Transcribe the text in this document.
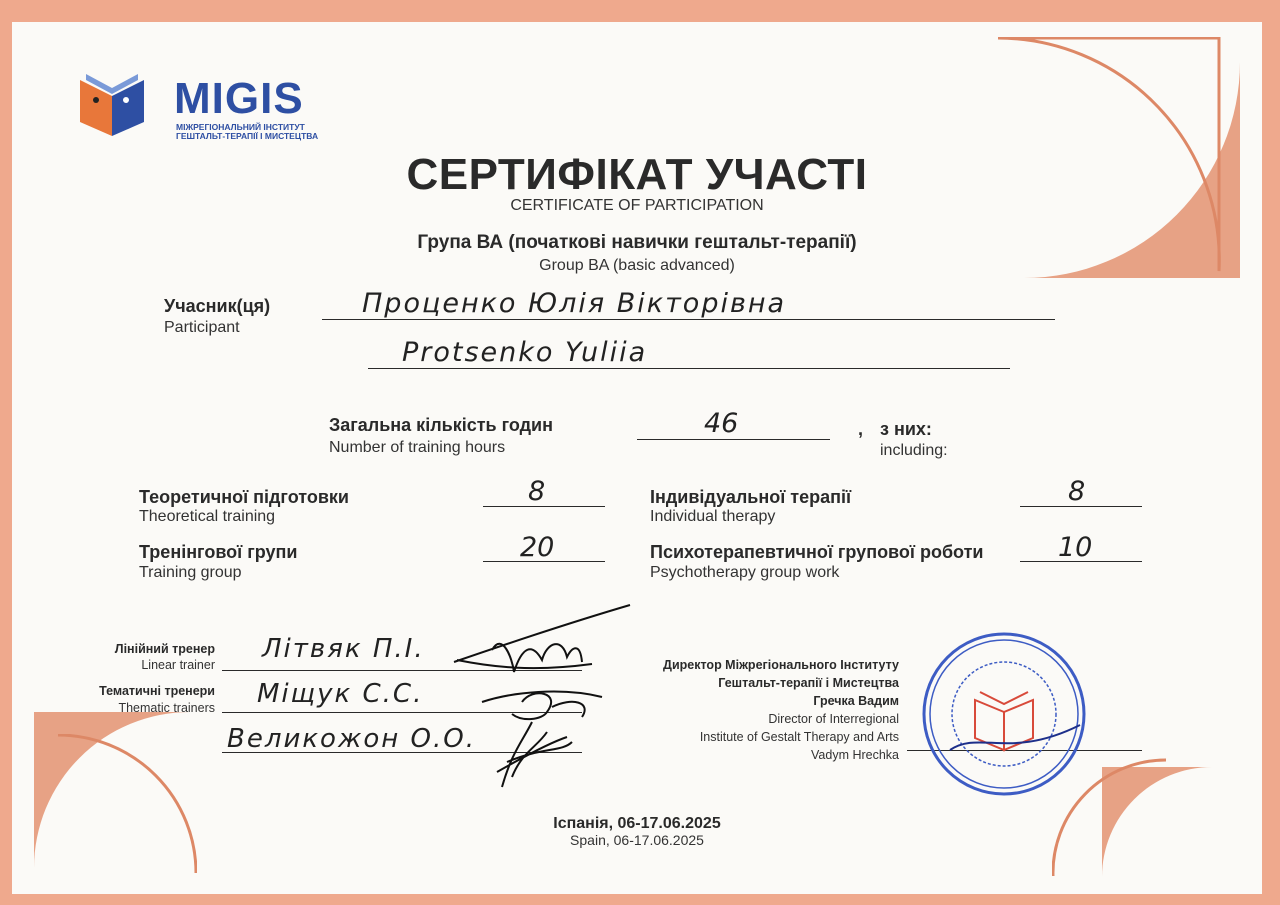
MIGIS
МІЖРЕГІОНАЛЬНИЙ ІНСТИТУТ
ГЕШТАЛЬТ-ТЕРАПІЇ І МИСТЕЦТВА
СЕРТИФІКАТ УЧАСТІ
CERTIFICATE OF PARTICIPATION
Група ВА (початкові навички гештальт-терапії)
Group BA (basic advanced)
Учасник(ця)
Participant
Проценко Юлія Вікторівна
Protsenko Yuliia
Загальна кількість годин
Number of training hours
46	, з них:
including:
Теоретичної підготовки
Theoretical training
8
Тренінгової групи
Training group
20
Індивідуальної терапії
Individual therapy
8
Психотерапевтичної групової роботи
Psychotherapy group work
10
Лінійний тренер
Linear trainer
Літвяк П.І.
Тематичні тренери
Thematic trainers Міщук С.С.
Великожон О.О.
Директор Міжрегіонального Інституту
Гештальт-терапії і Мистецтва
Гречка Вадим
Director of Interregional
Institute of Gestalt Therapy and Arts
Vadym Hrechka
Іспанія, 06-17.06.2025
Spain, 06-17.06.2025
